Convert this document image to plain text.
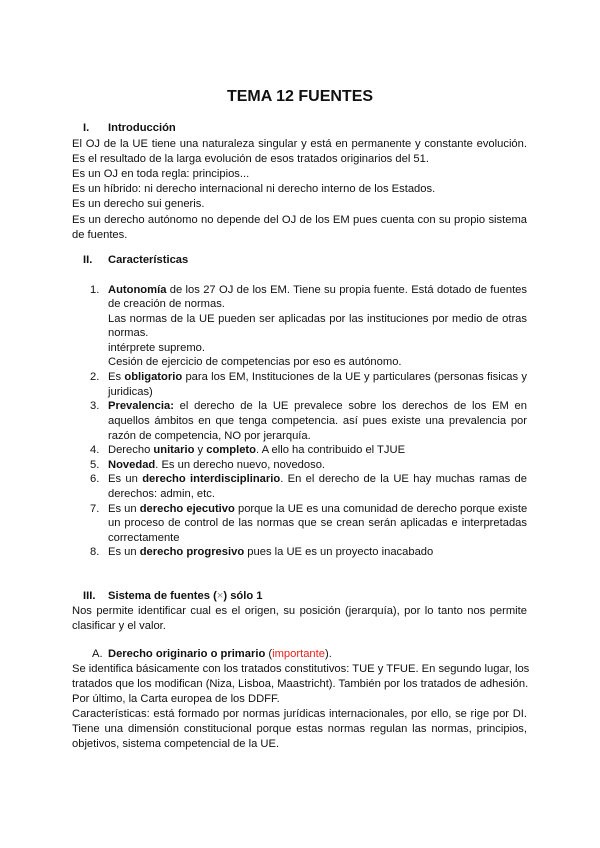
TEMA 12 FUENTES
I. Introducción
El OJ de la UE tiene una naturaleza singular y está en permanente y constante evolución.
Es el resultado de la larga evolución de esos tratados originarios del 51.
Es un OJ en toda regla: principios...
Es un híbrido: ni derecho internacional ni derecho interno de los Estados.
Es un derecho sui generis.
Es un derecho autónomo no depende del OJ de los EM pues cuenta con su propio sistema
de fuentes.
II. Características
1. Autonomía de los 27 OJ de los EM. Tiene su propia fuente. Está dotado de fuentes
de creación de normas.
Las normas de la UE pueden ser aplicadas por las instituciones por medio de otras
normas.
intérprete supremo.
Cesión de ejercicio de competencias por eso es autónomo.
2. Es obligatorio para los EM, Instituciones de la UE y particulares (personas fisicas y
juridicas)
3. Prevalencia: el derecho de la UE prevalece sobre los derechos de los EM en
aquellos ámbitos en que tenga competencia. así pues existe una prevalencia por
razón de competencia, NO por jerarquía.
4. Derecho unitario y completo. A ello ha contribuido el TJUE
5. Novedad. Es un derecho nuevo, novedoso.
6. Es un derecho interdisciplinario. En el derecho de la UE hay muchas ramas de
derechos: admin, etc.
7. Es un derecho ejecutivo porque la UE es una comunidad de derecho porque existe
un proceso de control de las normas que se crean serán aplicadas e interpretadas
correctamente
8. Es un derecho progresivo pues la UE es un proyecto inacabado
III. Sistema de fuentes (×) sólo 1
Nos permite identificar cual es el origen, su posición (jerarquía), por lo tanto nos permite
clasificar y el valor.
A. Derecho originario o primario (importante).
Se identifica básicamente con los tratados constitutivos: TUE y TFUE. En segundo lugar, los
tratados que los modifican (Niza, Lisboa, Maastricht). También por los tratados de adhesión.
Por último, la Carta europea de los DDFF.
Características: está formado por normas jurídicas internacionales, por ello, se rige por DI.
Tiene una dimensión constitucional porque estas normas regulan las normas, principios,
objetivos, sistema competencial de la UE.
